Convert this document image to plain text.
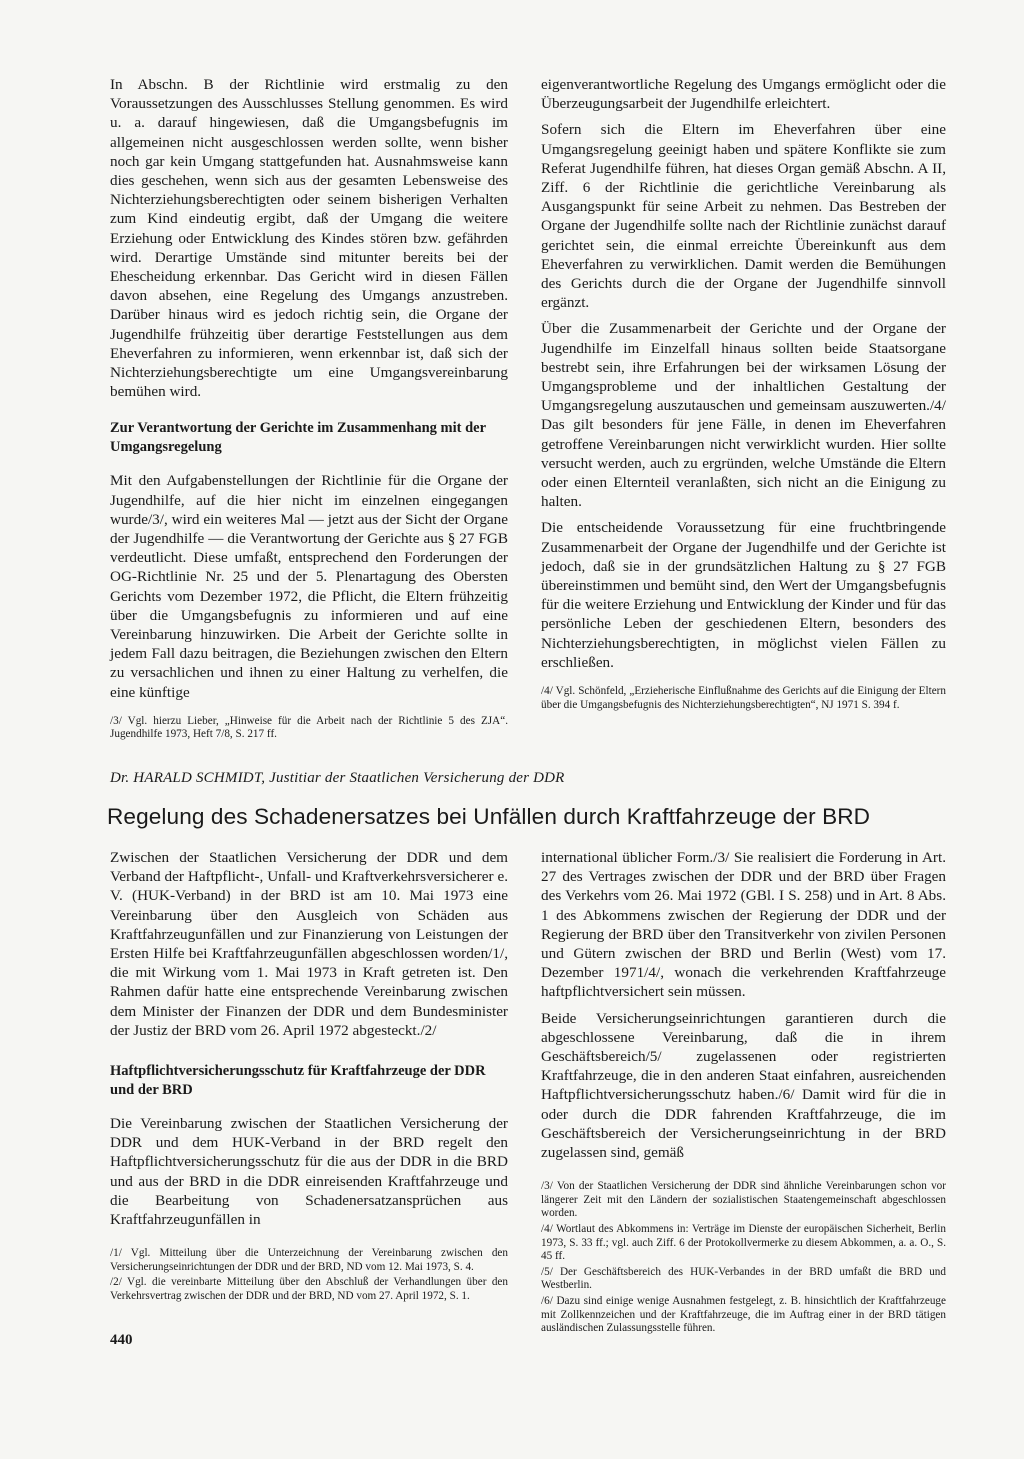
In Abschn. B der Richtlinie wird erstmalig zu den Voraussetzungen des Ausschlusses Stellung genommen. Es wird u. a. darauf hingewiesen, daß die Umgangsbefugnis im allgemeinen nicht ausgeschlossen werden sollte, wenn bisher noch gar kein Umgang stattgefunden hat. Ausnahmsweise kann dies geschehen, wenn sich aus der gesamten Lebensweise des Nichterziehungsberechtigten oder seinem bisherigen Verhalten zum Kind eindeutig ergibt, daß der Umgang die weitere Erziehung oder Entwicklung des Kindes stören bzw. gefährden wird. Derartige Umstände sind mitunter bereits bei der Ehescheidung erkennbar. Das Gericht wird in diesen Fällen davon absehen, eine Regelung des Umgangs anzustreben. Darüber hinaus wird es jedoch richtig sein, die Organe der Jugendhilfe frühzeitig über derartige Feststellungen aus dem Eheverfahren zu informieren, wenn erkennbar ist, daß sich der Nichterziehungsberechtigte um eine Umgangsvereinbarung bemühen wird.

Zur Verantwortung der Gerichte im Zusammenhang mit der Umgangsregelung

Mit den Aufgabenstellungen der Richtlinie für die Organe der Jugendhilfe, auf die hier nicht im einzelnen eingegangen wurde/3/, wird ein weiteres Mal — jetzt aus der Sicht der Organe der Jugendhilfe — die Verantwortung der Gerichte aus § 27 FGB verdeutlicht. Diese umfaßt, entsprechend den Forderungen der OG-Richtlinie Nr. 25 und der 5. Plenartagung des Obersten Gerichts vom Dezember 1972, die Pflicht, die Eltern frühzeitig über die Umgangsbefugnis zu informieren und auf eine Vereinbarung hinzuwirken. Die Arbeit der Gerichte sollte in jedem Fall dazu beitragen, die Beziehungen zwischen den Eltern zu versachlichen und ihnen zu einer Haltung zu verhelfen, die eine künftige

/3/ Vgl. hierzu Lieber, „Hinweise für die Arbeit nach der Richtlinie 5 des ZJA“. Jugendhilfe 1973, Heft 7/8, S. 217 ff.

eigenverantwortliche Regelung des Umgangs ermöglicht oder die Überzeugungsarbeit der Jugendhilfe erleichtert.

Sofern sich die Eltern im Eheverfahren über eine Umgangsregelung geeinigt haben und spätere Konflikte sie zum Referat Jugendhilfe führen, hat dieses Organ gemäß Abschn. A II, Ziff. 6 der Richtlinie die gerichtliche Vereinbarung als Ausgangspunkt für seine Arbeit zu nehmen. Das Bestreben der Organe der Jugendhilfe sollte nach der Richtlinie zunächst darauf gerichtet sein, die einmal erreichte Übereinkunft aus dem Eheverfahren zu verwirklichen. Damit werden die Bemühungen des Gerichts durch die der Organe der Jugendhilfe sinnvoll ergänzt.

Über die Zusammenarbeit der Gerichte und der Organe der Jugendhilfe im Einzelfall hinaus sollten beide Staatsorgane bestrebt sein, ihre Erfahrungen bei der wirksamen Lösung der Umgangsprobleme und der inhaltlichen Gestaltung der Umgangsregelung auszutauschen und gemeinsam auszuwerten./4/ Das gilt besonders für jene Fälle, in denen im Eheverfahren getroffene Vereinbarungen nicht verwirklicht wurden. Hier sollte versucht werden, auch zu ergründen, welche Umstände die Eltern oder einen Elternteil veranlaßten, sich nicht an die Einigung zu halten.

Die entscheidende Voraussetzung für eine fruchtbringende Zusammenarbeit der Organe der Jugendhilfe und der Gerichte ist jedoch, daß sie in der grundsätzlichen Haltung zu § 27 FGB übereinstimmen und bemüht sind, den Wert der Umgangsbefugnis für die weitere Erziehung und Entwicklung der Kinder und für das persönliche Leben der geschiedenen Eltern, besonders des Nichterziehungsberechtigten, in möglichst vielen Fällen zu erschließen.

/4/ Vgl. Schönfeld, „Erzieherische Einflußnahme des Gerichts auf die Einigung der Eltern über die Umgangsbefugnis des Nichterziehungsberechtigten“, NJ 1971 S. 394 f.

Dr. HARALD SCHMIDT, Justitiar der Staatlichen Versicherung der DDR
Regelung des Schadenersatzes bei Unfällen durch Kraftfahrzeuge der BRD

Zwischen der Staatlichen Versicherung der DDR und dem Verband der Haftpflicht-, Unfall- und Kraftverkehrsversicherer e. V. (HUK-Verband) in der BRD ist am 10. Mai 1973 eine Vereinbarung über den Ausgleich von Schäden aus Kraftfahrzeugunfällen und zur Finanzierung von Leistungen der Ersten Hilfe bei Kraftfahrzeugunfällen abgeschlossen worden/1/, die mit Wirkung vom 1. Mai 1973 in Kraft getreten ist. Den Rahmen dafür hatte eine entsprechende Vereinbarung zwischen dem Minister der Finanzen der DDR und dem Bundesminister der Justiz der BRD vom 26. April 1972 abgesteckt./2/

Haftpflichtversicherungsschutz für Kraftfahrzeuge der DDR und der BRD

Die Vereinbarung zwischen der Staatlichen Versicherung der DDR und dem HUK-Verband in der BRD regelt den Haftpflichtversicherungsschutz für die aus der DDR in die BRD und aus der BRD in die DDR einreisenden Kraftfahrzeuge und die Bearbeitung von Schadenersatzansprüchen aus Kraftfahrzeugunfällen in

/1/ Vgl. Mitteilung über die Unterzeichnung der Vereinbarung zwischen den Versicherungseinrichtungen der DDR und der BRD, ND vom 12. Mai 1973, S. 4.

/2/ Vgl. die vereinbarte Mitteilung über den Abschluß der Verhandlungen über den Verkehrsvertrag zwischen der DDR und der BRD, ND vom 27. April 1972, S. 1.

international üblicher Form./3/ Sie realisiert die Forderung in Art. 27 des Vertrages zwischen der DDR und der BRD über Fragen des Verkehrs vom 26. Mai 1972 (GBl. I S. 258) und in Art. 8 Abs. 1 des Abkommens zwischen der Regierung der DDR und der Regierung der BRD über den Transitverkehr von zivilen Personen und Gütern zwischen der BRD und Berlin (West) vom 17. Dezember 1971/4/, wonach die verkehrenden Kraftfahrzeuge haftpflichtversichert sein müssen.

Beide Versicherungseinrichtungen garantieren durch die abgeschlossene Vereinbarung, daß die in ihrem Geschäftsbereich/5/ zugelassenen oder registrierten Kraftfahrzeuge, die in den anderen Staat einfahren, ausreichenden Haftpflichtversicherungsschutz haben./6/ Damit wird für die in oder durch die DDR fahrenden Kraftfahrzeuge, die im Geschäftsbereich der Versicherungseinrichtung in der BRD zugelassen sind, gemäß

/3/ Von der Staatlichen Versicherung der DDR sind ähnliche Vereinbarungen schon vor längerer Zeit mit den Ländern der sozialistischen Staatengemeinschaft abgeschlossen worden.

/4/ Wortlaut des Abkommens in: Verträge im Dienste der europäischen Sicherheit, Berlin 1973, S. 33 ff.; vgl. auch Ziff. 6 der Protokollvermerke zu diesem Abkommen, a. a. O., S. 45 ff.

/5/ Der Geschäftsbereich des HUK-Verbandes in der BRD umfaßt die BRD und Westberlin.

/6/ Dazu sind einige wenige Ausnahmen festgelegt, z. B. hinsichtlich der Kraftfahrzeuge mit Zollkennzeichen und der Kraftfahrzeuge, die im Auftrag einer in der BRD tätigen ausländischen Zulassungsstelle führen.

440
